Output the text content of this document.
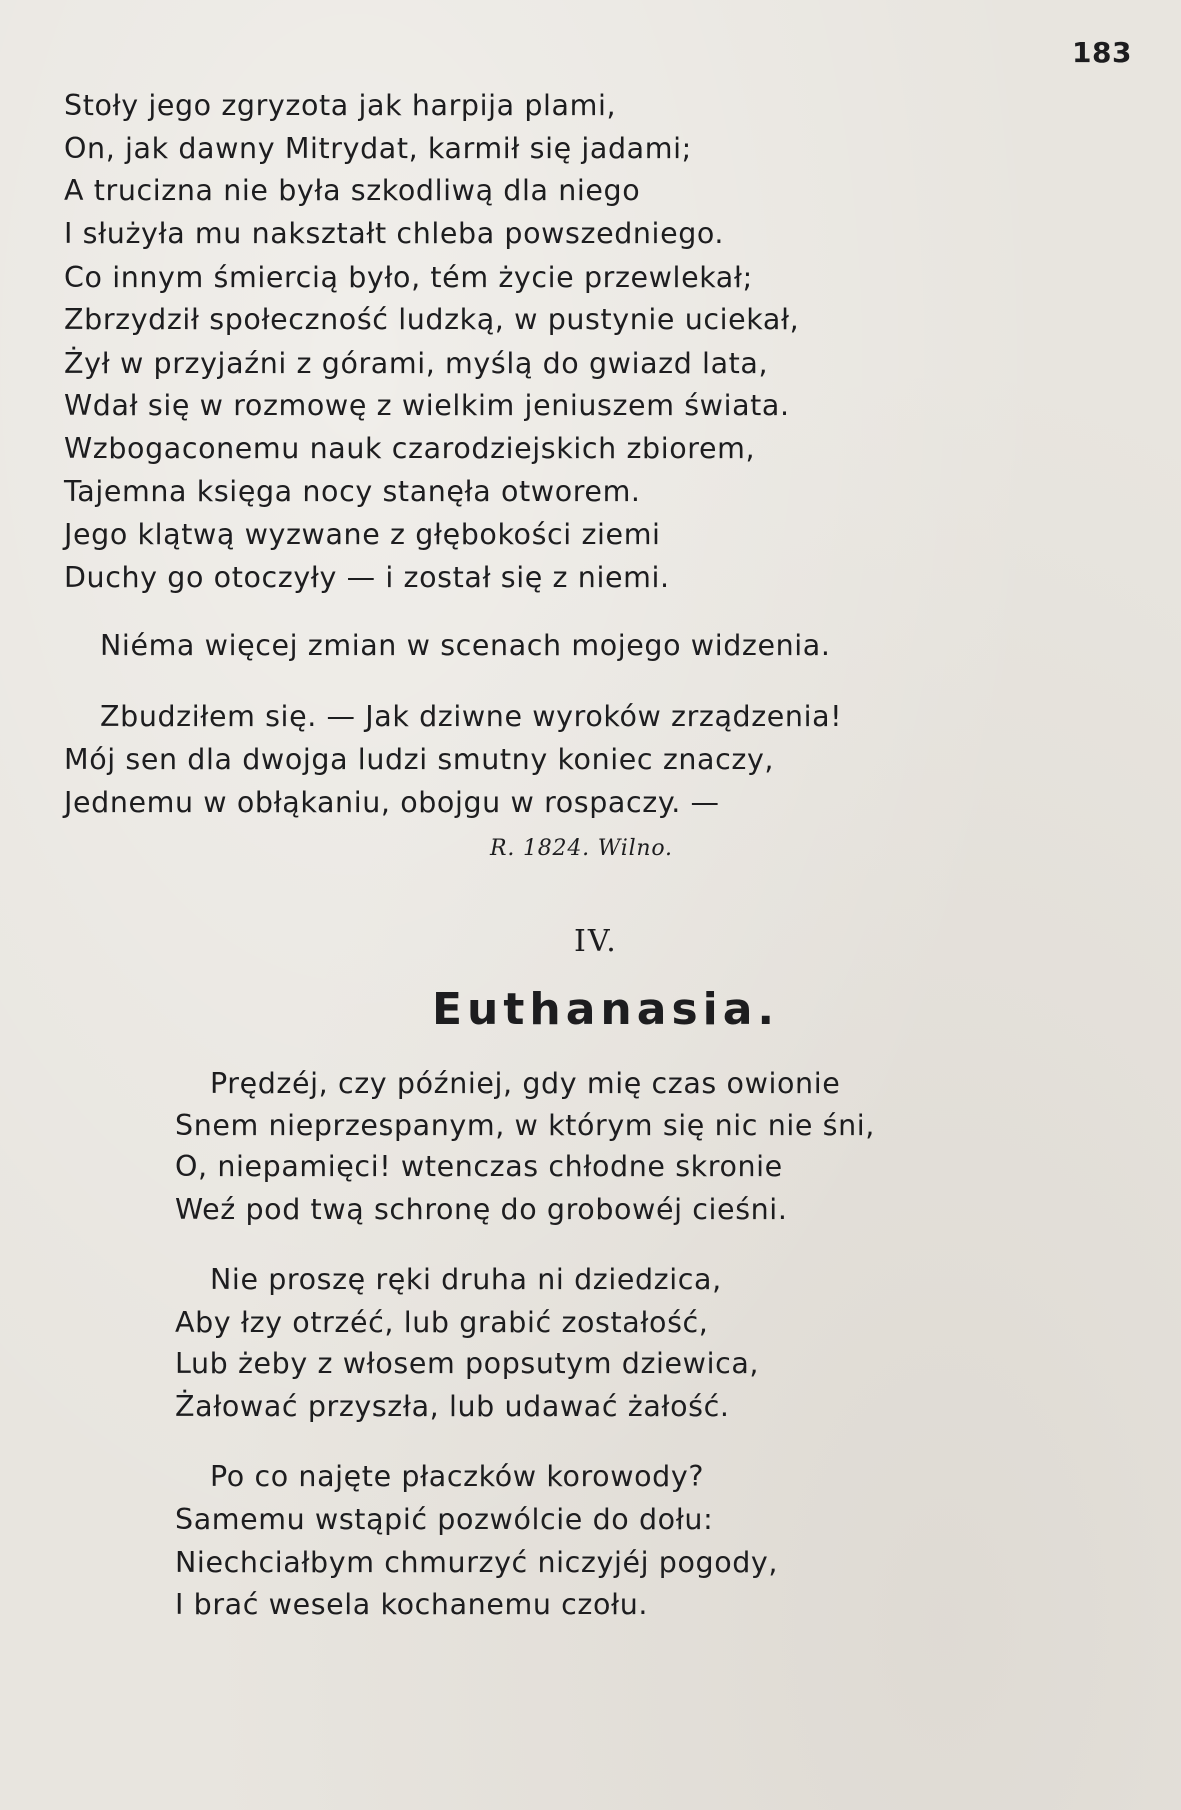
183
Stoły jego zgryzota jak harpija plami,
On, jak dawny Mitrydat, karmił się jadami;
A trucizna nie była szkodliwą dla niego
I służyła mu nakształt chleba powszedniego.
Co innym śmiercią było, tém życie przewlekał;
Zbrzydził społeczność ludzką, w pustynie uciekał,
Żył w przyjaźni z górami, myślą do gwiazd lata,
Wdał się w rozmowę z wielkim jeniuszem świata.
Wzbogaconemu nauk czarodziejskich zbiorem,
Tajemna księga nocy stanęła otworem.
Jego klątwą wyzwane z głębokości ziemi
Duchy go otoczyły — i został się z niemi.
Niéma więcej zmian w scenach mojego widzenia.
Zbudziłem się. — Jak dziwne wyroków zrządzenia!
Mój sen dla dwojga ludzi smutny koniec znaczy,
Jednemu w obłąkaniu, obojgu w rospaczy. —
R. 1824. Wilno.
IV.
Euthanasia.
Prędzéj, czy później, gdy mię czas owionie
Snem nieprzespanym, w którym się nic nie śni,
O, niepamięci! wtenczas chłodne skronie
Weź pod twą schronę do grobowéj cieśni.
Nie proszę ręki druha ni dziedzica,
Aby łzy otrzéć, lub grabić zostałość,
Lub żeby z włosem popsutym dziewica,
Żałować przyszła, lub udawać żałość.
Po co najęte płaczków korowody?
Samemu wstąpić pozwólcie do dołu:
Niechciałbym chmurzyć niczyjéj pogody,
I brać wesela kochanemu czołu.
